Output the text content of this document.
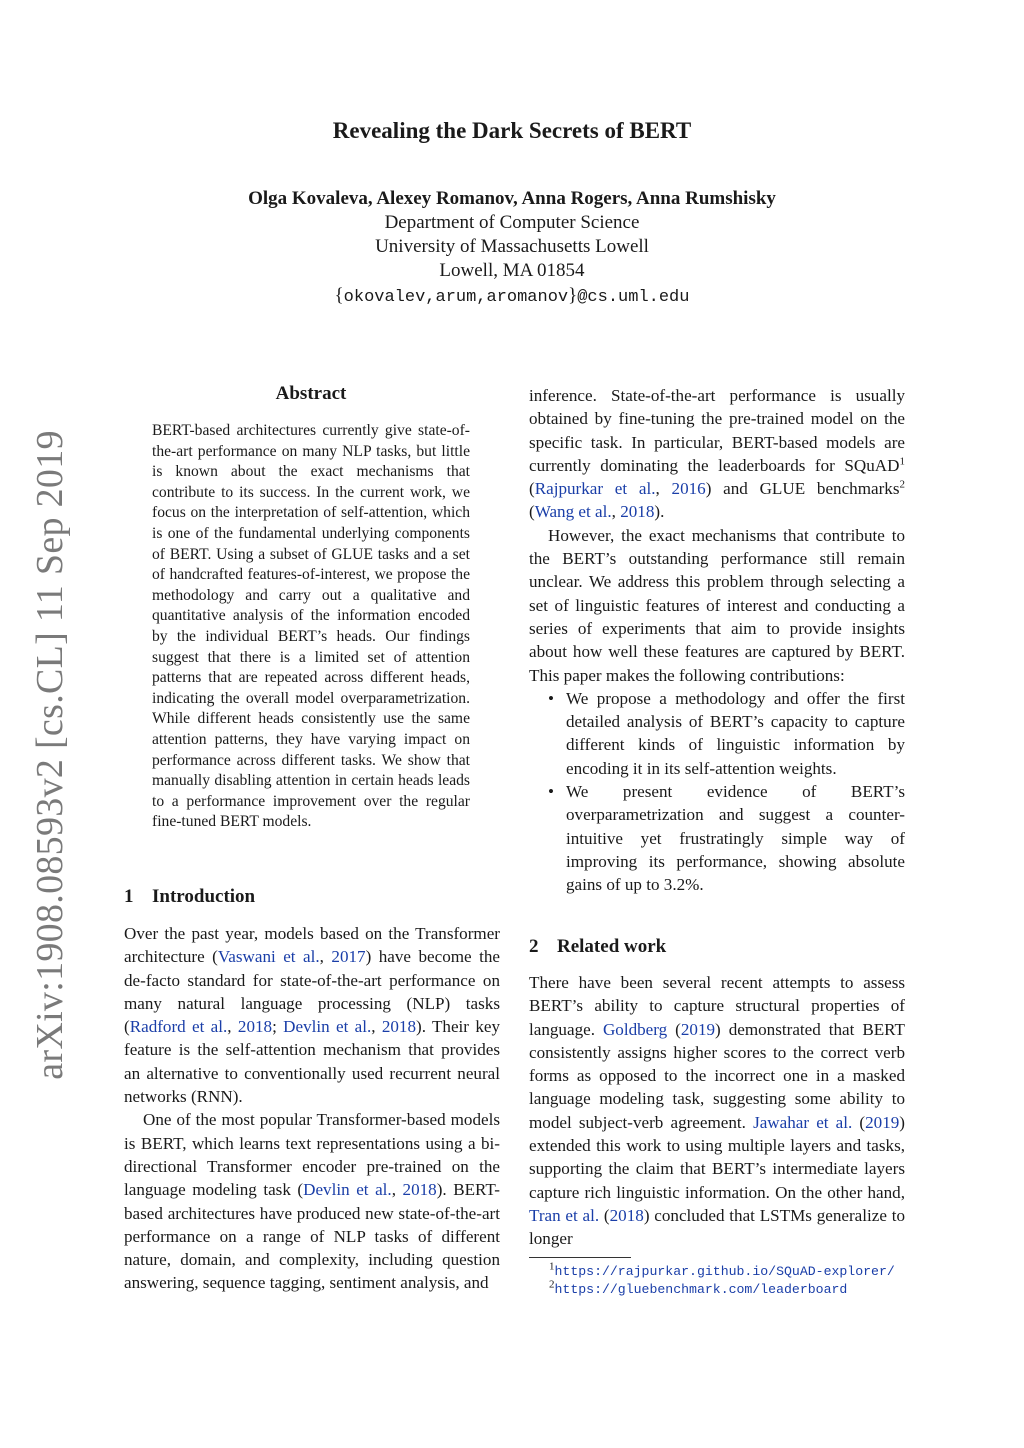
arXiv:1908.08593v2 [cs.CL] 11 Sep 2019
Revealing the Dark Secrets of BERT
Olga Kovaleva, Alexey Romanov, Anna Rogers, Anna Rumshisky
Department of Computer Science
University of Massachusetts Lowell
Lowell, MA 01854
{okovalev,arum,aromanov}@cs.uml.edu
Abstract
BERT-based architectures currently give state-of-the-art performance on many NLP tasks, but little is known about the exact mechanisms that contribute to its success. In the current work, we focus on the interpretation of self-attention, which is one of the fundamental underlying components of BERT. Using a subset of GLUE tasks and a set of handcrafted features-of-interest, we propose the methodology and carry out a qualitative and quantitative analysis of the information encoded by the individual BERT’s heads. Our findings suggest that there is a limited set of attention patterns that are repeated across different heads, indicating the overall model overparametrization. While different heads consistently use the same attention patterns, they have varying impact on performance across different tasks. We show that manually disabling attention in certain heads leads to a performance improvement over the regular fine-tuned BERT models.
1 Introduction

Over the past year, models based on the Transformer architecture (Vaswani et al., 2017) have become the de-facto standard for state-of-the-art performance on many natural language processing (NLP) tasks (Radford et al., 2018; Devlin et al., 2018). Their key feature is the self-attention mechanism that provides an alternative to conventionally used recurrent neural networks (RNN).

One of the most popular Transformer-based models is BERT, which learns text representations using a bi-directional Transformer encoder pre-trained on the language modeling task (Devlin et al., 2018). BERT-based architectures have produced new state-of-the-art performance on a range of NLP tasks of different nature, domain, and complexity, including question answering, sequence tagging, sentiment analysis, and

inference. State-of-the-art performance is usually obtained by fine-tuning the pre-trained model on the specific task. In particular, BERT-based models are currently dominating the leaderboards for SQuAD$^1$ (Rajpurkar et al., 2016) and GLUE benchmarks$^2$ (Wang et al., 2018).

However, the exact mechanisms that contribute to the BERT’s outstanding performance still remain unclear. We address this problem through selecting a set of linguistic features of interest and conducting a series of experiments that aim to provide insights about how well these features are captured by BERT. This paper makes the following contributions:

• We propose a methodology and offer the first detailed analysis of BERT’s capacity to capture different kinds of linguistic information by encoding it in its self-attention weights.
• We present evidence of BERT’s overparametrization and suggest a counter-intuitive yet frustratingly simple way of improving its performance, showing absolute gains of up to 3.2%.
2 Related work

There have been several recent attempts to assess BERT’s ability to capture structural properties of language. Goldberg (2019) demonstrated that BERT consistently assigns higher scores to the correct verb forms as opposed to the incorrect one in a masked language modeling task, suggesting some ability to model subject-verb agreement. Jawahar et al. (2019) extended this work to using multiple layers and tasks, supporting the claim that BERT’s intermediate layers capture rich linguistic information. On the other hand, Tran et al. (2018) concluded that LSTMs generalize to longer

$^1$https://rajpurkar.github.io/SQuAD-explorer/
$^2$https://gluebenchmark.com/leaderboard
